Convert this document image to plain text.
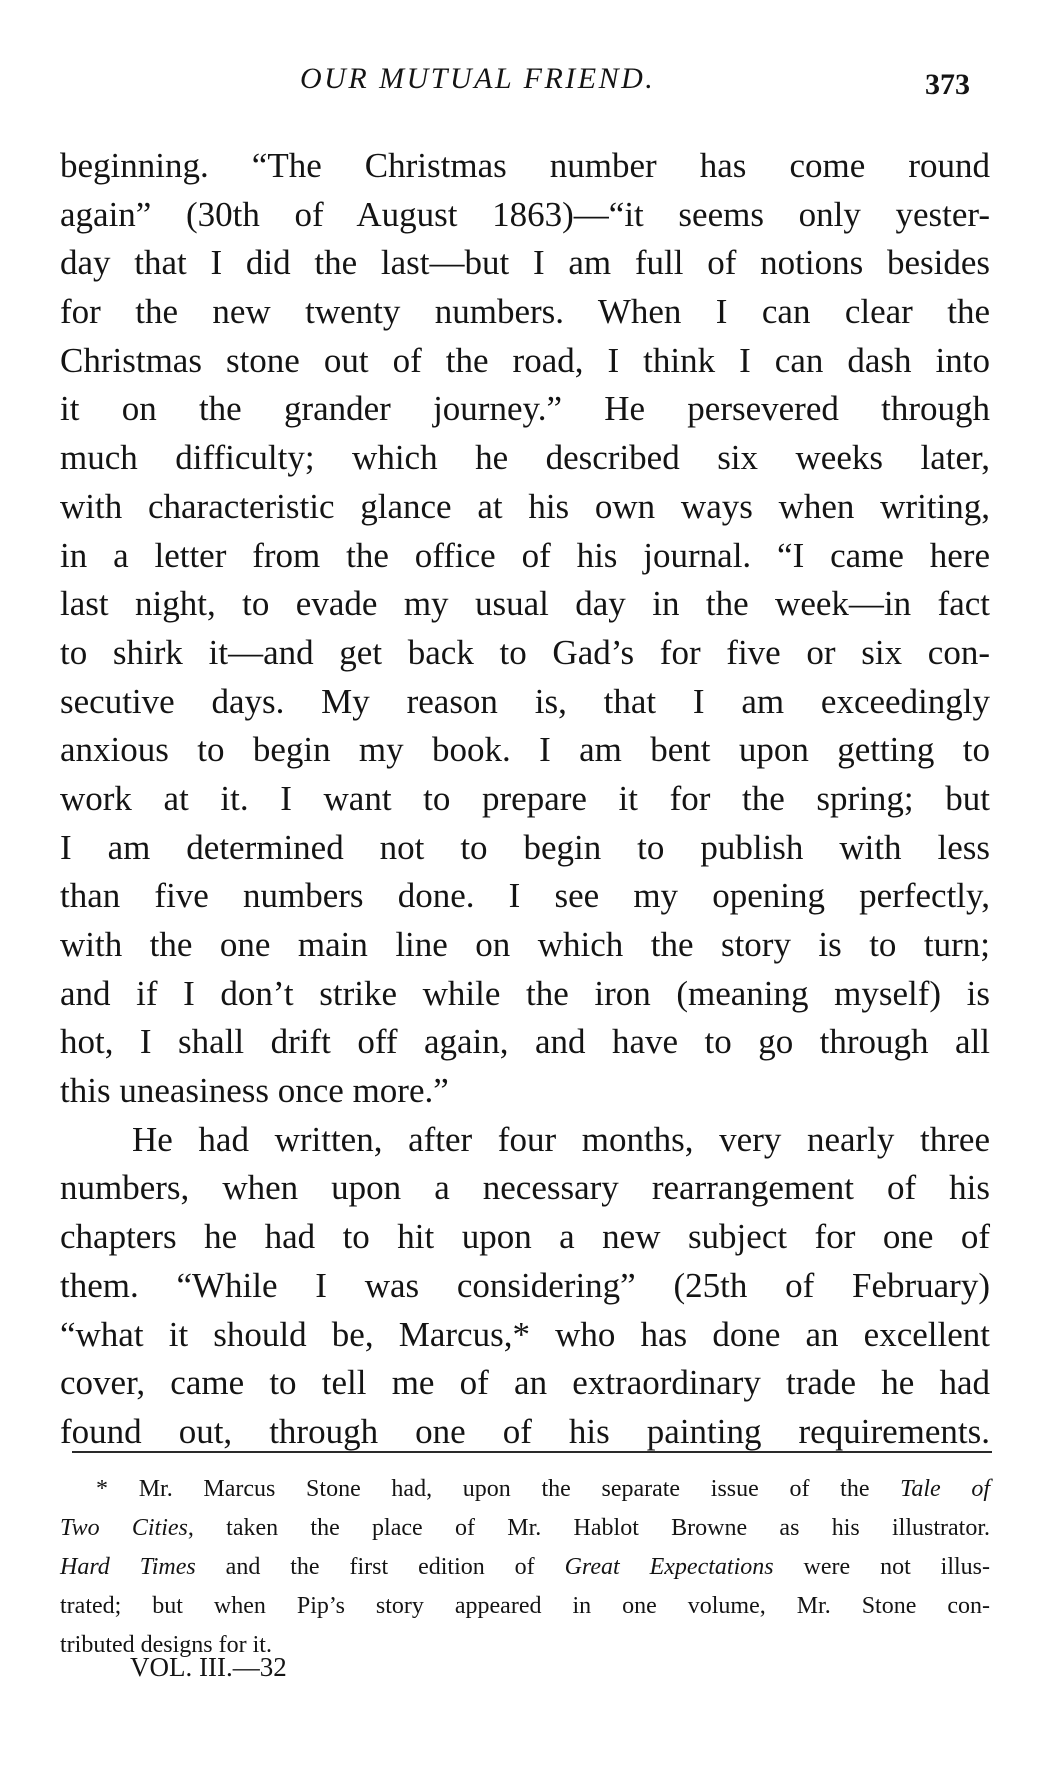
OUR MUTUAL FRIEND.	373
beginning. “The Christmas number has come round
again” (30th of August 1863)—“it seems only yester-
day that I did the last—but I am full of notions besides
for the new twenty numbers. When I can clear the
Christmas stone out of the road, I think I can dash into
it on the grander journey.” He persevered through
much difficulty; which he described six weeks later,
with characteristic glance at his own ways when writing,
in a letter from the office of his journal. “I came here
last night, to evade my usual day in the week—in fact
to shirk it—and get back to Gad’s for five or six con-
secutive days. My reason is, that I am exceedingly
anxious to begin my book. I am bent upon getting to
work at it. I want to prepare it for the spring; but
I am determined not to begin to publish with less
than five numbers done. I see my opening perfectly,
with the one main line on which the story is to turn;
and if I don’t strike while the iron (meaning myself) is
hot, I shall drift off again, and have to go through all
this uneasiness once more.”
He had written, after four months, very nearly three
numbers, when upon a necessary rearrangement of his
chapters he had to hit upon a new subject for one of
them. “While I was considering” (25th of February)
“what it should be, Marcus,* who has done an excellent
cover, came to tell me of an extraordinary trade he had
found out, through one of his painting requirements.
* Mr. Marcus Stone had, upon the separate issue of the Tale of
Two Cities, taken the place of Mr. Hablot Browne as his illustrator.
Hard Times and the first edition of Great Expectations were not illus-
trated; but when Pip’s story appeared in one volume, Mr. Stone con-
tributed designs for it.
VOL. III.—32
